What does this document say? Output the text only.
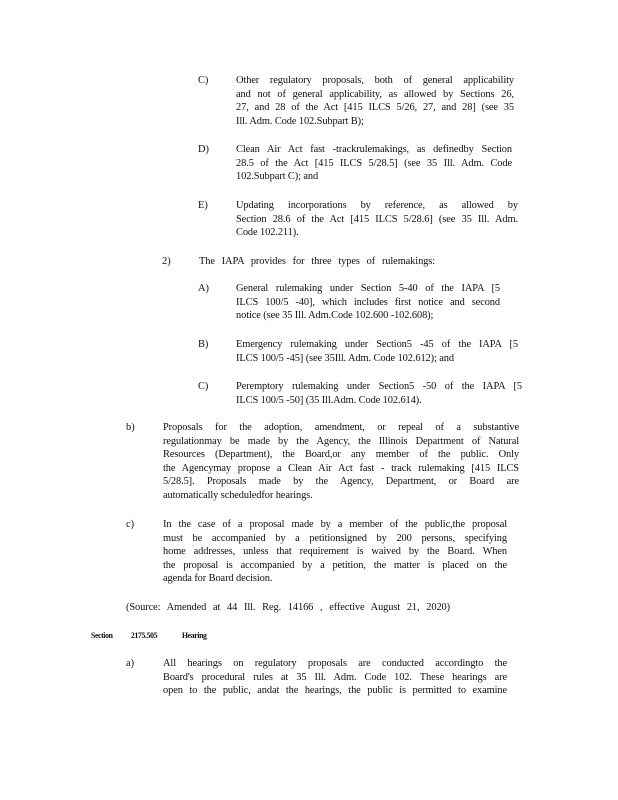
C)	Other regulatory proposals, both of general applicability
and not of general applicability, as allowed by Sections 26,
27, and 28 of the Act [415 ILCS 5/26, 27, and 28] (see 35
Ill. Adm. Code 102.Subpart B);
D)	Clean Air Act fast -trackrulemakings, as definedby Section
28.5 of the Act [415 ILCS 5/28.5] (see 35 Ill. Adm. Code
102.Subpart C); and
E)	Updating incorporations by reference, as allowed by
Section 28.6 of the Act [415 ILCS 5/28.6] (see 35 Ill. Adm.
Code 102.211).
2)	The IAPA provides for three types of rulemakings:
A)	General rulemaking under Section 5-40 of the IAPA [5
ILCS 100/5 -40], which includes first notice and second
notice (see 35 Ill. Adm.Code 102.600 -102.608);
B)	Emergency rulemaking under Section5 -45 of the IAPA [5
ILCS 100/5 -45] (see 35Ill. Adm. Code 102.612); and
C)	Peremptory rulemaking under Section5 -50 of the IAPA [5
ILCS 100/5 -50] (35 Ill.Adm. Code 102.614).
b)	Proposals for the adoption, amendment, or repeal of a substantive
regulationmay be made by the Agency, the Illinois Department of Natural
Resources (Department), the Board,or any member of the public. Only
the Agencymay propose a Clean Air Act fast - track rulemaking [415 ILCS
5/28.5]. Proposals made by the Agency, Department, or Board are
automatically scheduledfor hearings.
c)	In the case of a proposal made by a member of the public,the proposal
must be accompanied by a petitionsigned by 200 persons, specifying
home addresses, unless that requirement is waived by the Board. When
the proposal is accompanied by a petition, the matter is placed on the
agenda for Board decision.
(Source: Amended at 44 Ill. Reg. 14166 , effective August 21, 2020)
Section 2175.505	Hearing
a)	All hearings on regulatory proposals are conducted accordingto the
Board's procedural rules at 35 Ill. Adm. Code 102. These hearings are
open to the public, andat the hearings, the public is permitted to examine
